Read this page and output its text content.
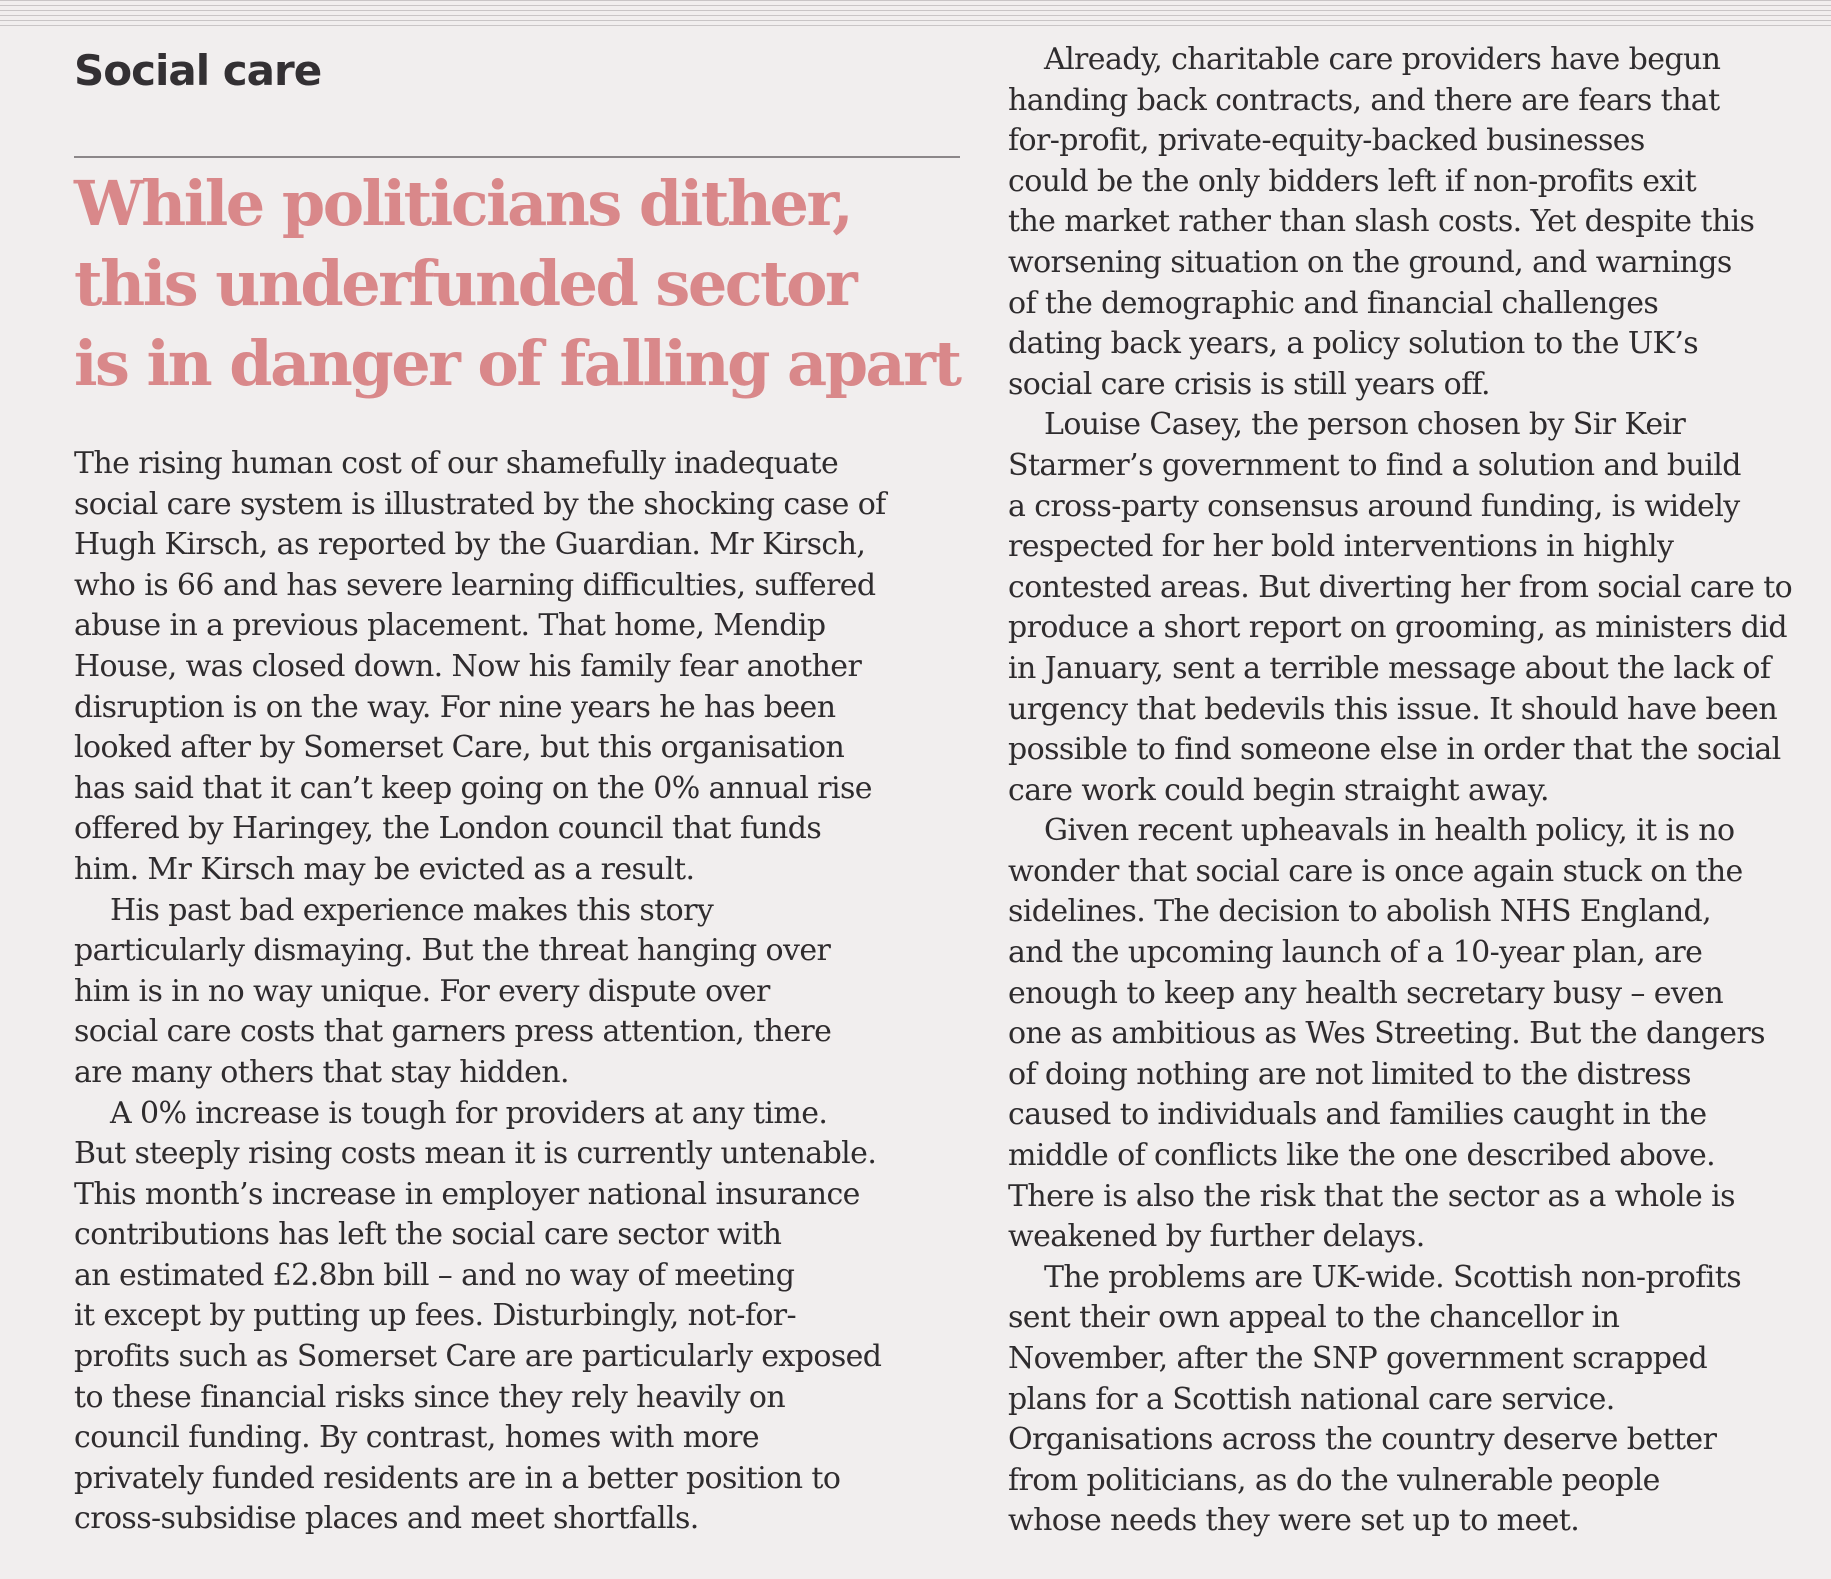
Social care
While politicians dither,
this underfunded sector
is in danger of falling apart

The rising human cost of our shamefully inadequate
social care system is illustrated by the shocking case of
Hugh Kirsch, as reported by the Guardian. Mr Kirsch,
who is 66 and has severe learning difficulties, suffered
abuse in a previous placement. That home, Mendip
House, was closed down. Now his family fear another
disruption is on the way. For nine years he has been
looked after by Somerset Care, but this organisation
has said that it can’t keep going on the 0% annual rise
offered by Haringey, the London council that funds
him. Mr Kirsch may be evicted as a result.
His past bad experience makes this story
particularly dismaying. But the threat hanging over
him is in no way unique. For every dispute over
social care costs that garners press attention, there
are many others that stay hidden.
A 0% increase is tough for providers at any time.
But steeply rising costs mean it is currently untenable.
This month’s increase in employer national insurance
contributions has left the social care sector with
an estimated £2.8bn bill – and no way of meeting
it except by putting up fees. Disturbingly, not-for-
profits such as Somerset Care are particularly exposed
to these financial risks since they rely heavily on
council funding. By contrast, homes with more
privately funded residents are in a better position to
cross-subsidise places and meet shortfalls.

Already, charitable care providers have begun
handing back contracts, and there are fears that
for-profit, private-equity-backed businesses
could be the only bidders left if non-profits exit
the market rather than slash costs. Yet despite this
worsening situation on the ground, and warnings
of the demographic and financial challenges
dating back years, a policy solution to the UK’s
social care crisis is still years off.
Louise Casey, the person chosen by Sir Keir
Starmer’s government to find a solution and build
a cross-party consensus around funding, is widely
respected for her bold interventions in highly
contested areas. But diverting her from social care to
produce a short report on grooming, as ministers did
in January, sent a terrible message about the lack of
urgency that bedevils this issue. It should have been
possible to find someone else in order that the social
care work could begin straight away.
Given recent upheavals in health policy, it is no
wonder that social care is once again stuck on the
sidelines. The decision to abolish NHS England,
and the upcoming launch of a 10-year plan, are
enough to keep any health secretary busy – even
one as ambitious as Wes Streeting. But the dangers
of doing nothing are not limited to the distress
caused to individuals and families caught in the
middle of conflicts like the one described above.
There is also the risk that the sector as a whole is
weakened by further delays.
The problems are UK-wide. Scottish non-profits
sent their own appeal to the chancellor in
November, after the SNP government scrapped
plans for a Scottish national care service.
Organisations across the country deserve better
from politicians, as do the vulnerable people
whose needs they were set up to meet.
